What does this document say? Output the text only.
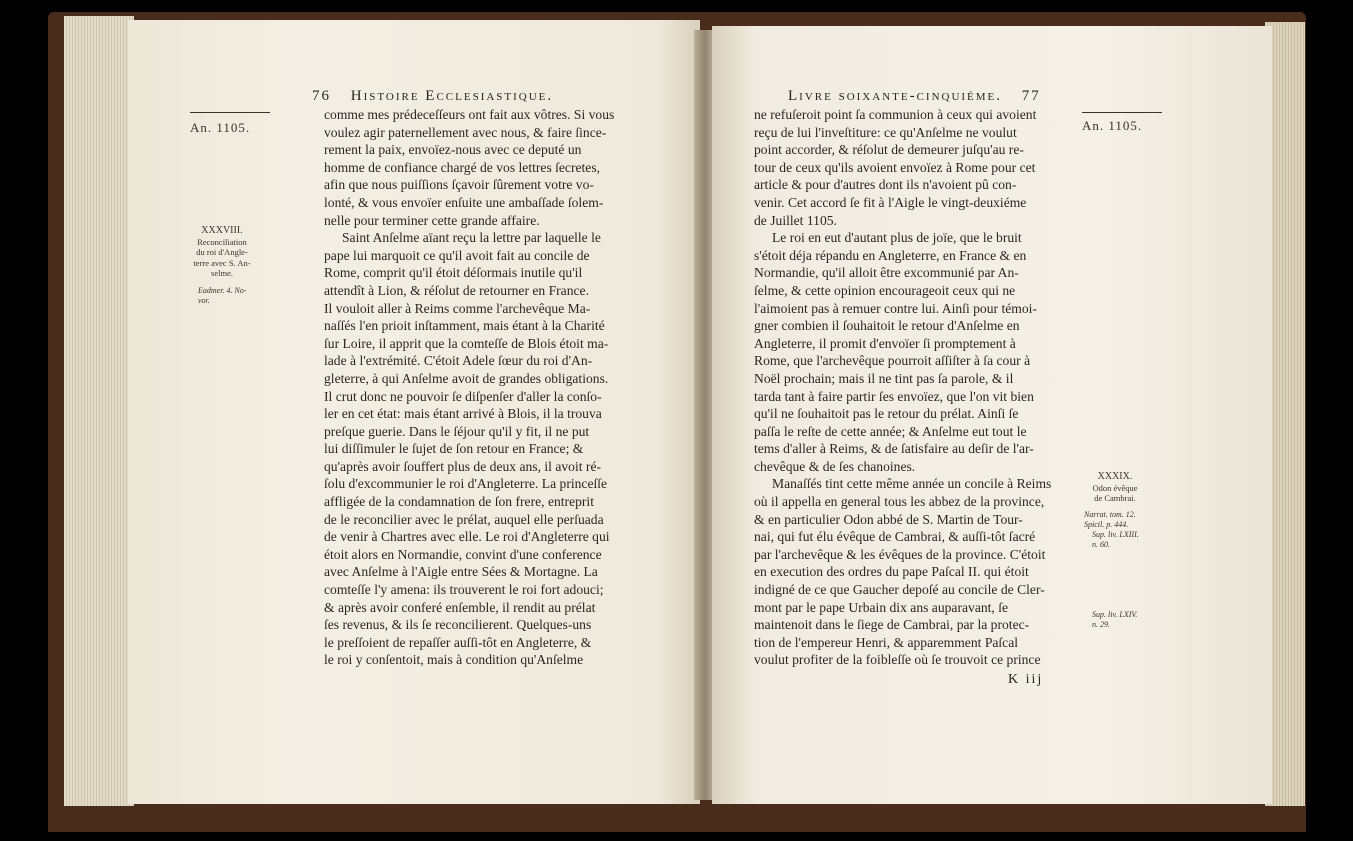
76 Histoire Ecclesiastique.
An. 1105.
XXXVIII.
Reconciliation
du roi d'Angle-
terre avec S. An-
selme.
Eadmer. 4. No-
vor.
comme mes prédeceſſeurs ont fait aux vôtres. Si vous
voulez agir paternellement avec nous, & faire ſince-
rement la paix, envoïez-nous avec ce deputé un
homme de confiance chargé de vos lettres ſecretes,
afin que nous puiſſions ſçavoir ſûrement votre vo-
lonté, & vous envoïer enſuite une ambaſſade ſolem-
nelle pour terminer cette grande affaire.
Saint Anſelme aïant reçu la lettre par laquelle le
pape lui marquoit ce qu'il avoit fait au concile de
Rome, comprit qu'il étoit déſormais inutile qu'il
attendît à Lion, & réſolut de retourner en France.
Il vouloit aller à Reims comme l'archevêque Ma-
naſſés l'en prioit inſtamment, mais étant à la Charité
ſur Loire, il apprit que la comteſſe de Blois étoit ma-
lade à l'extrémité. C'étoit Adele ſœur du roi d'An-
gleterre, à qui Anſelme avoit de grandes obligations.
Il crut donc ne pouvoir ſe diſpenſer d'aller la conſo-
ler en cet état: mais étant arrivé à Blois, il la trouva
preſque guerie. Dans le ſéjour qu'il y fit, il ne put
lui diſſimuler le ſujet de ſon retour en France; &
qu'après avoir ſouffert plus de deux ans, il avoit ré-
ſolu d'excommunier le roi d'Angleterre. La princeſſe
affligée de la condamnation de ſon frere, entreprit
de le reconcilier avec le prélat, auquel elle perſuada
de venir à Chartres avec elle. Le roi d'Angleterre qui
étoit alors en Normandie, convint d'une conference
avec Anſelme à l'Aigle entre Sées & Mortagne. La
comteſſe l'y amena: ils trouverent le roi fort adouci;
& après avoir conferé enſemble, il rendit au prélat
ſes revenus, & ils ſe reconcilierent. Quelques-uns
le preſſoient de repaſſer auſſi-tôt en Angleterre, &
le roi y conſentoit, mais à condition qu'Anſelme
Livre soixante-cinquiéme. 77
An. 1105.
XXXIX.
Odon évêque
de Cambrai.
Narrat. tom. 12.
Spicil. p. 444.
Sup. liv. LXIII.
n. 60.
Sup. liv. LXIV.
n. 29.
ne refuſeroit point ſa communion à ceux qui avoient
reçu de lui l'inveſtiture: ce qu'Anſelme ne voulut
point accorder, & réſolut de demeurer juſqu'au re-
tour de ceux qu'ils avoient envoïez à Rome pour cet
article & pour d'autres dont ils n'avoient pû con-
venir. Cet accord ſe fit à l'Aigle le vingt-deuxiéme
de Juillet 1105.
Le roi en eut d'autant plus de joïe, que le bruit
s'étoit déja répandu en Angleterre, en France & en
Normandie, qu'il alloit être excommunié par An-
ſelme, & cette opinion encourageoit ceux qui ne
l'aimoient pas à remuer contre lui. Ainſi pour témoi-
gner combien il ſouhaitoit le retour d'Anſelme en
Angleterre, il promit d'envoïer ſi promptement à
Rome, que l'archevêque pourroit aſſiſter à ſa cour à
Noël prochain; mais il ne tint pas ſa parole, & il
tarda tant à faire partir ſes envoïez, que l'on vit bien
qu'il ne ſouhaitoit pas le retour du prélat. Ainſi ſe
paſſa le reſte de cette année; & Anſelme eut tout le
tems d'aller à Reims, & de ſatisfaire au deſir de l'ar-
chevêque & de ſes chanoines.
Manaſſés tint cette même année un concile à Reims
où il appella en general tous les abbez de la province,
& en particulier Odon abbé de S. Martin de Tour-
nai, qui fut élu évêque de Cambrai, & auſſi-tôt ſacré
par l'archevêque & les évêques de la province. C'étoit
en execution des ordres du pape Paſcal II. qui étoit
indigné de ce que Gaucher depoſé au concile de Cler-
mont par le pape Urbain dix ans auparavant, ſe
maintenoit dans le ſiege de Cambrai, par la protec-
tion de l'empereur Henri, & apparemment Paſcal
voulut profiter de la foibleſſe où ſe trouvoit ce prince
K iij
